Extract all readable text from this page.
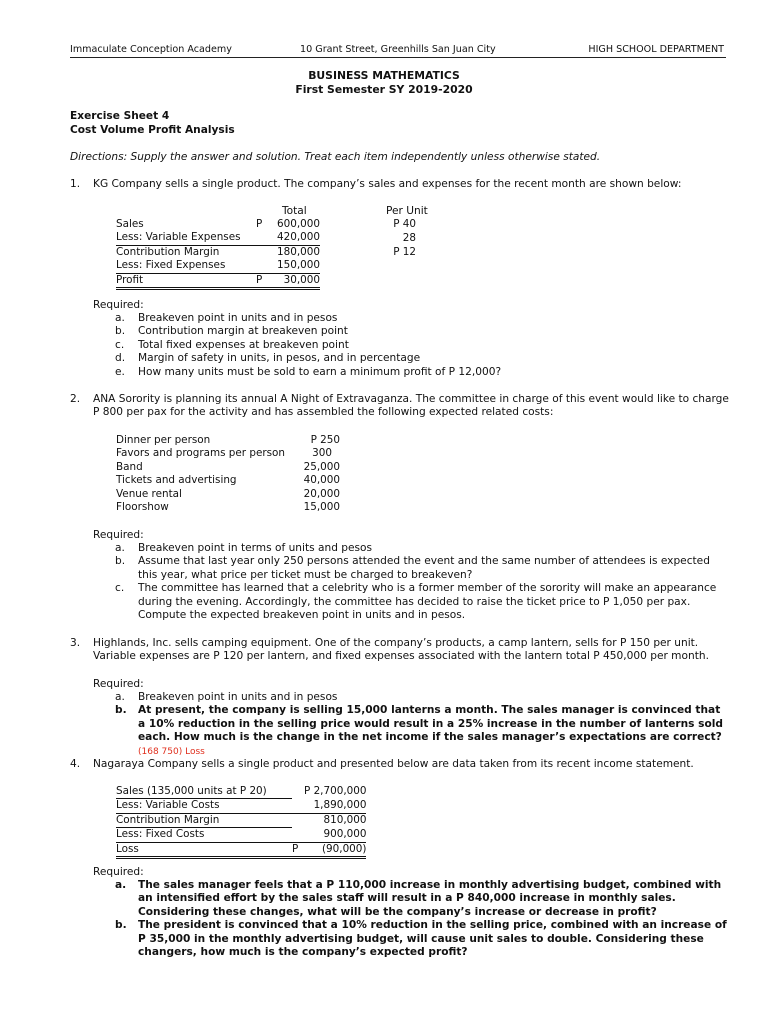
Immaculate Conception Academy	10 Grant Street, Greenhills San Juan City	HIGH SCHOOL DEPARTMENT
BUSINESS MATHEMATICS
First Semester SY 2019-2020
Exercise Sheet 4
Cost Volume Profit Analysis
Directions: Supply the answer and solution. Treat each item independently unless otherwise stated.
1. KG Company sells a single product. The company’s sales and expenses for the recent month are shown below:
Total	Per Unit
Sales	P	600,000	P 40
Less: Variable Expenses		420,000	28
Contribution Margin		180,000	P 12
Less: Fixed Expenses		150,000	
Profit	P	30,000	
Required:
a. Breakeven point in units and in pesos
b. Contribution margin at breakeven point
c. Total fixed expenses at breakeven point
d. Margin of safety in units, in pesos, and in percentage
e. How many units must be sold to earn a minimum profit of P 12,000?
2. ANA Sorority is planning its annual A Night of Extravaganza. The committee in charge of this event would like to charge P 800 per pax for the activity and has assembled the following expected related costs:
Dinner per person	P 250
Favors and programs per person	300
Band	25,000
Tickets and advertising	40,000
Venue rental	20,000
Floorshow	15,000
Required:
a. Breakeven point in terms of units and pesos
b. Assume that last year only 250 persons attended the event and the same number of attendees is expected this year, what price per ticket must be charged to breakeven?
c. The committee has learned that a celebrity who is a former member of the sorority will make an appearance during the evening. Accordingly, the committee has decided to raise the ticket price to P 1,050 per pax. Compute the expected breakeven point in units and in pesos.
3. Highlands, Inc. sells camping equipment. One of the company’s products, a camp lantern, sells for P 150 per unit. Variable expenses are P 120 per lantern, and fixed expenses associated with the lantern total P 450,000 per month.
Required:
a. Breakeven point in units and in pesos
b. At present, the company is selling 15,000 lanterns a month. The sales manager is convinced that a 10% reduction in the selling price would result in a 25% increase in the number of lanterns sold each. How much is the change in the net income if the sales manager’s expectations are correct?(168 750) Loss
4. Nagaraya Company sells a single product and presented below are data taken from its recent income statement.
Sales (135,000 units at P 20)		P 2,700,000
Less: Variable Costs		1,890,000
Contribution Margin		810,000
Less: Fixed Costs		900,000
Loss	P	(90,000)
Required:
a. The sales manager feels that a P 110,000 increase in monthly advertising budget, combined with an intensified effort by the sales staff will result in a P 840,000 increase in monthly sales. Considering these changes, what will be the company’s increase or decrease in profit?
b. The president is convinced that a 10% reduction in the selling price, combined with an increase of P 35,000 in the monthly advertising budget, will cause unit sales to double. Considering these changers, how much is the company’s expected profit?
